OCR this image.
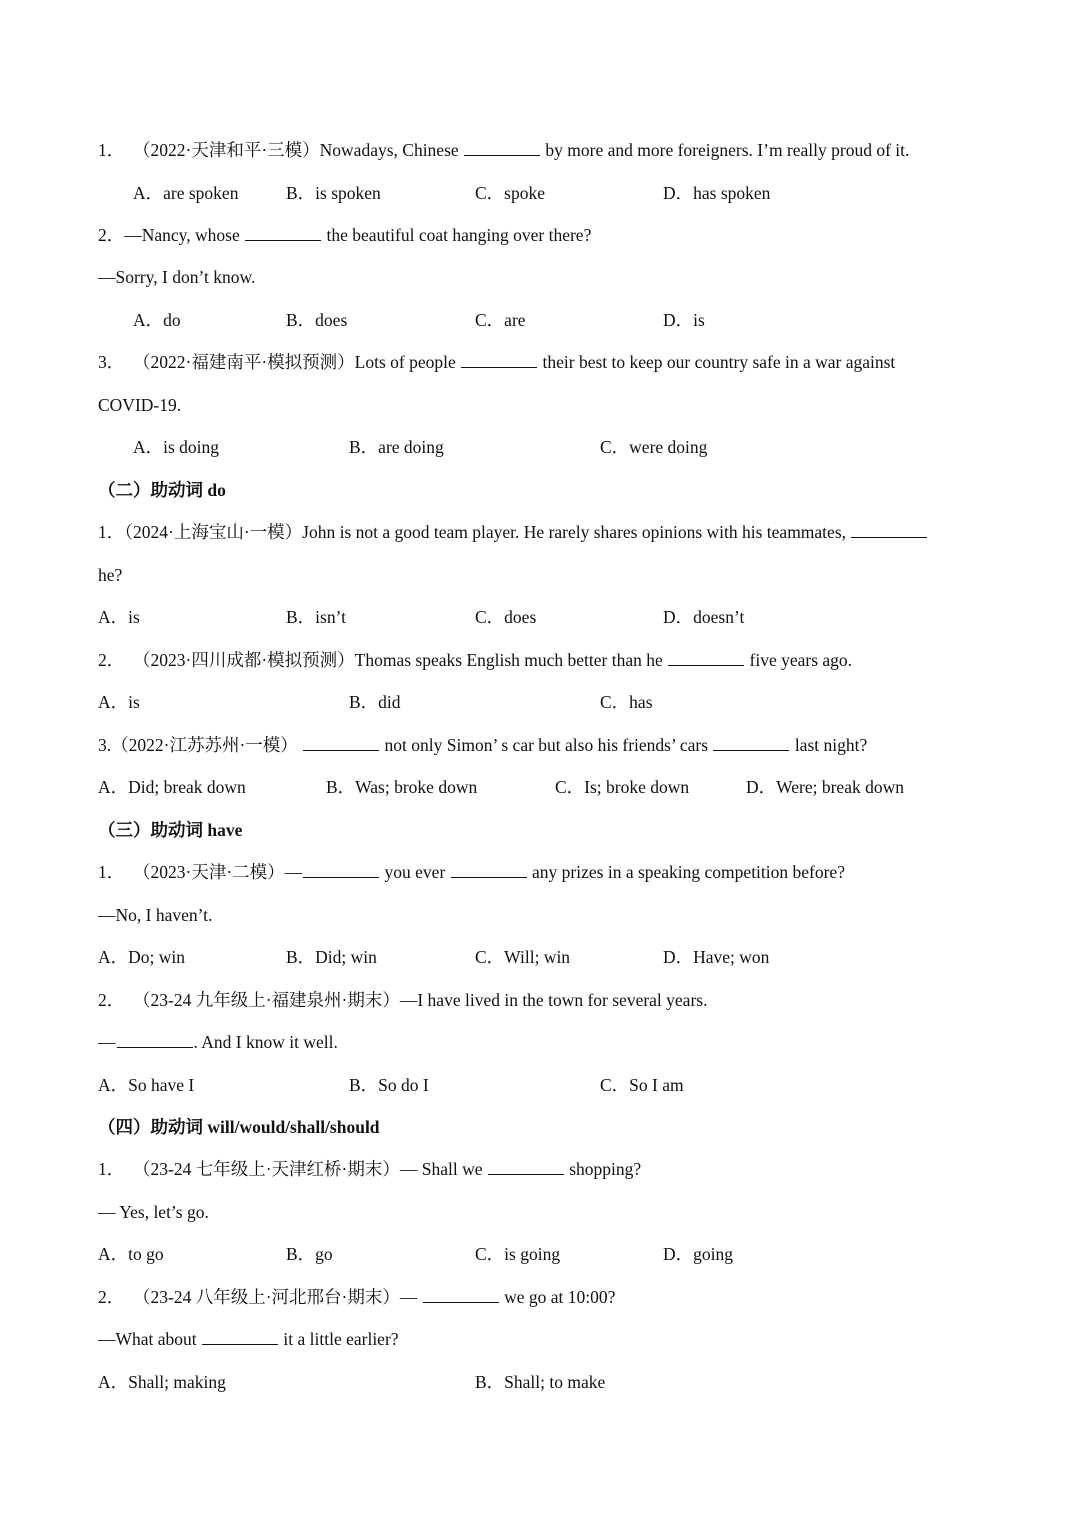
1． （2022·天津和平·三模）Nowadays, Chinese	by more and more foreigners. I’m really proud of it.
A．are spoken	B．is spoken	C．spoke	D．has spoken
2．—Nancy, whose	the beautiful coat hanging over there?
—Sorry, I don’t know.
A．do	B．does	C．are	D．is
3． （2022·福建南平·模拟预测）Lots of people	their best to keep our country safe in a war against
COVID-19.
A．is doing	B．are doing	C．were doing
（二）助动词 do
1．（2024·上海宝山·一模）John is not a good team player. He rarely shares opinions with his teammates,
he?
A．is	B．isn’t	C．does	D．doesn’t
2． （2023·四川成都·模拟预测）Thomas speaks English much better than he	five years ago.
A．is	B．did	C．has
3.（2022·江苏苏州·一模）	not only Simon’ s car but also his friends’ cars	last night?
A．Did; break down	B．Was; broke down	C．Is; broke down	D．Were; break down
（三）助动词 have
1． （2023·天津·二模）—	you ever	any prizes in a speaking competition before?
—No, I haven’t.
A．Do; win	B．Did; win	C．Will; win	D．Have; won
2． （23-24 九年级上·福建泉州·期末）—I have lived in the town for several years.
—	. And I know it well.
A．So have I	B．So do I	C．So I am
（四）助动词 will/would/shall/should
1． （23-24 七年级上·天津红桥·期末）— Shall we	shopping?
— Yes, let’s go.
A．to go	B．go	C．is going	D．going
2． （23-24 八年级上·河北邢台·期末）—	we go at 10:00?
—What about	it a little earlier?
A．Shall; making	B．Shall; to make
